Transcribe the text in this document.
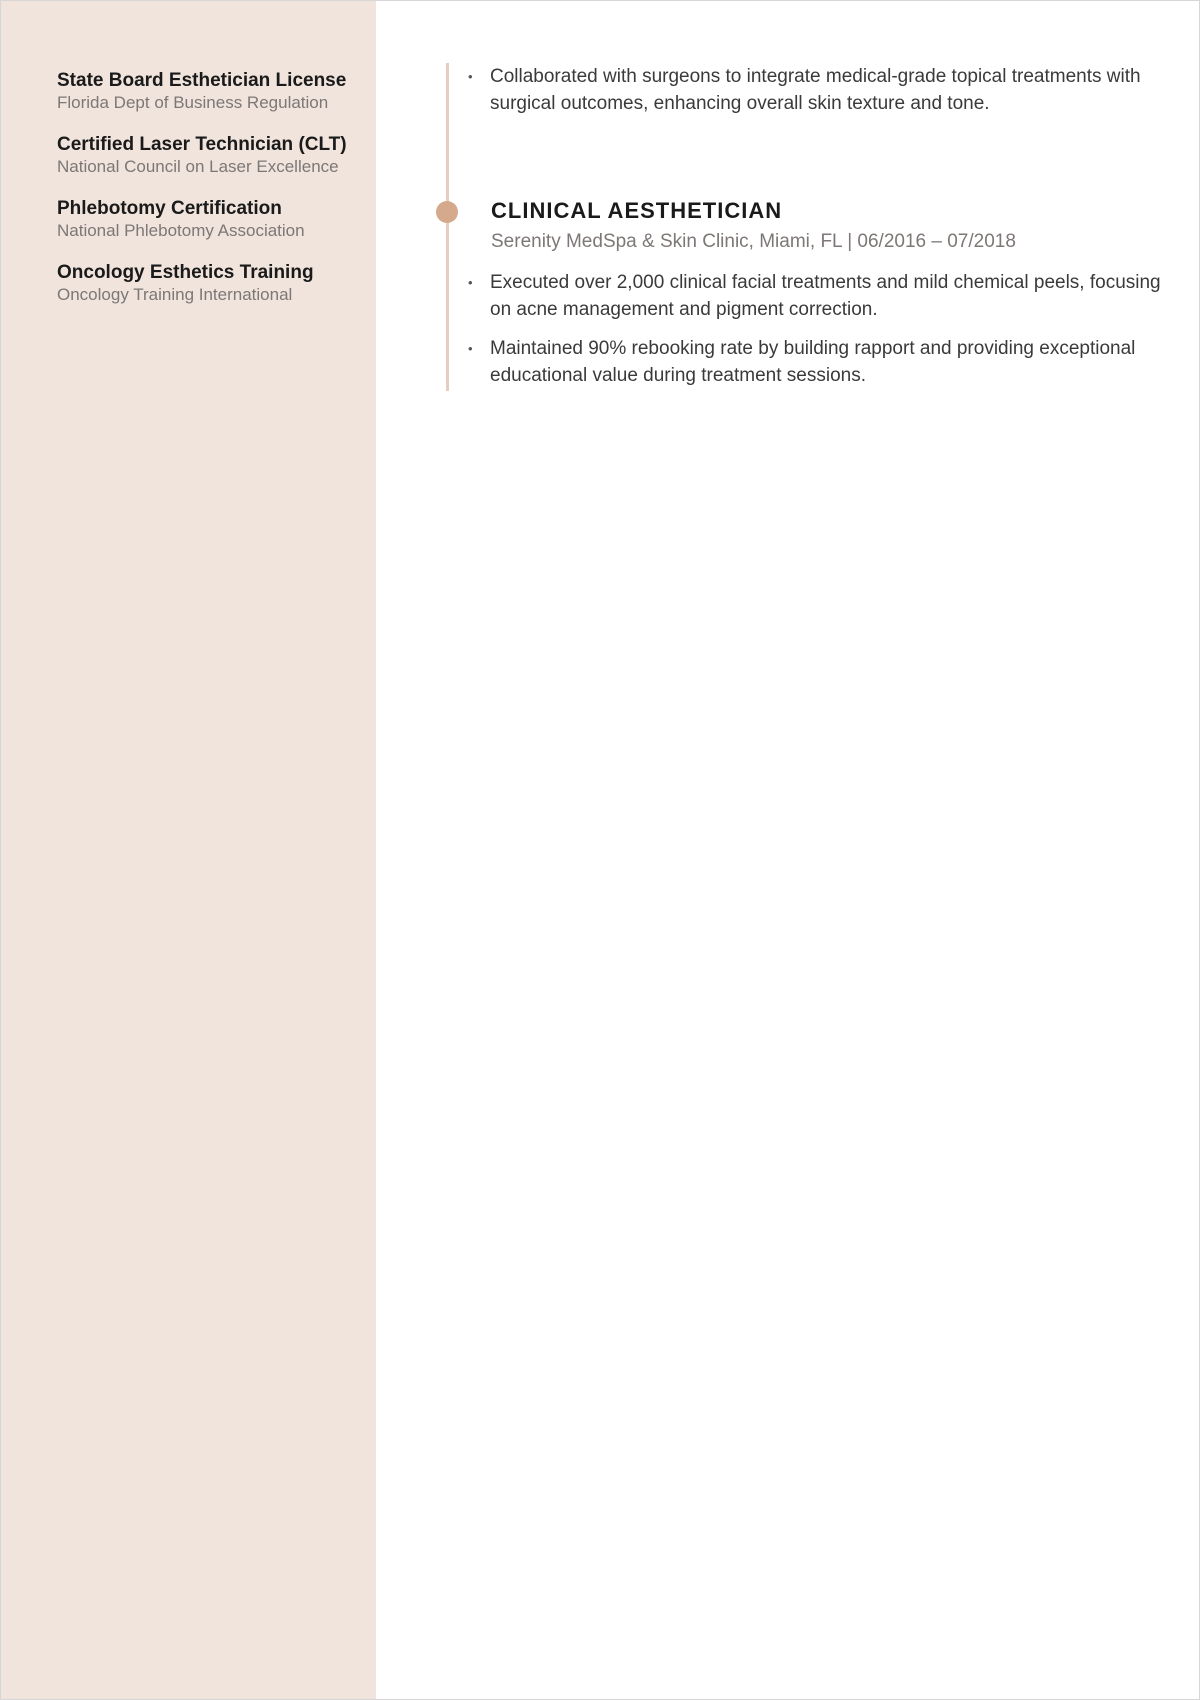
State Board Esthetician License
Florida Dept of Business Regulation
Certified Laser Technician (CLT)
National Council on Laser Excellence
Phlebotomy Certification
National Phlebotomy Association
Oncology Esthetics Training
Oncology Training International
• Collaborated with surgeons to integrate medical-grade topical treatments with surgical outcomes, enhancing overall skin texture and tone.
CLINICAL AESTHETICIAN
Serenity MedSpa & Skin Clinic, Miami, FL | 06/2016 – 07/2018
• Executed over 2,000 clinical facial treatments and mild chemical peels, focusing on acne management and pigment correction.
• Maintained 90% rebooking rate by building rapport and providing exceptional educational value during treatment sessions.
